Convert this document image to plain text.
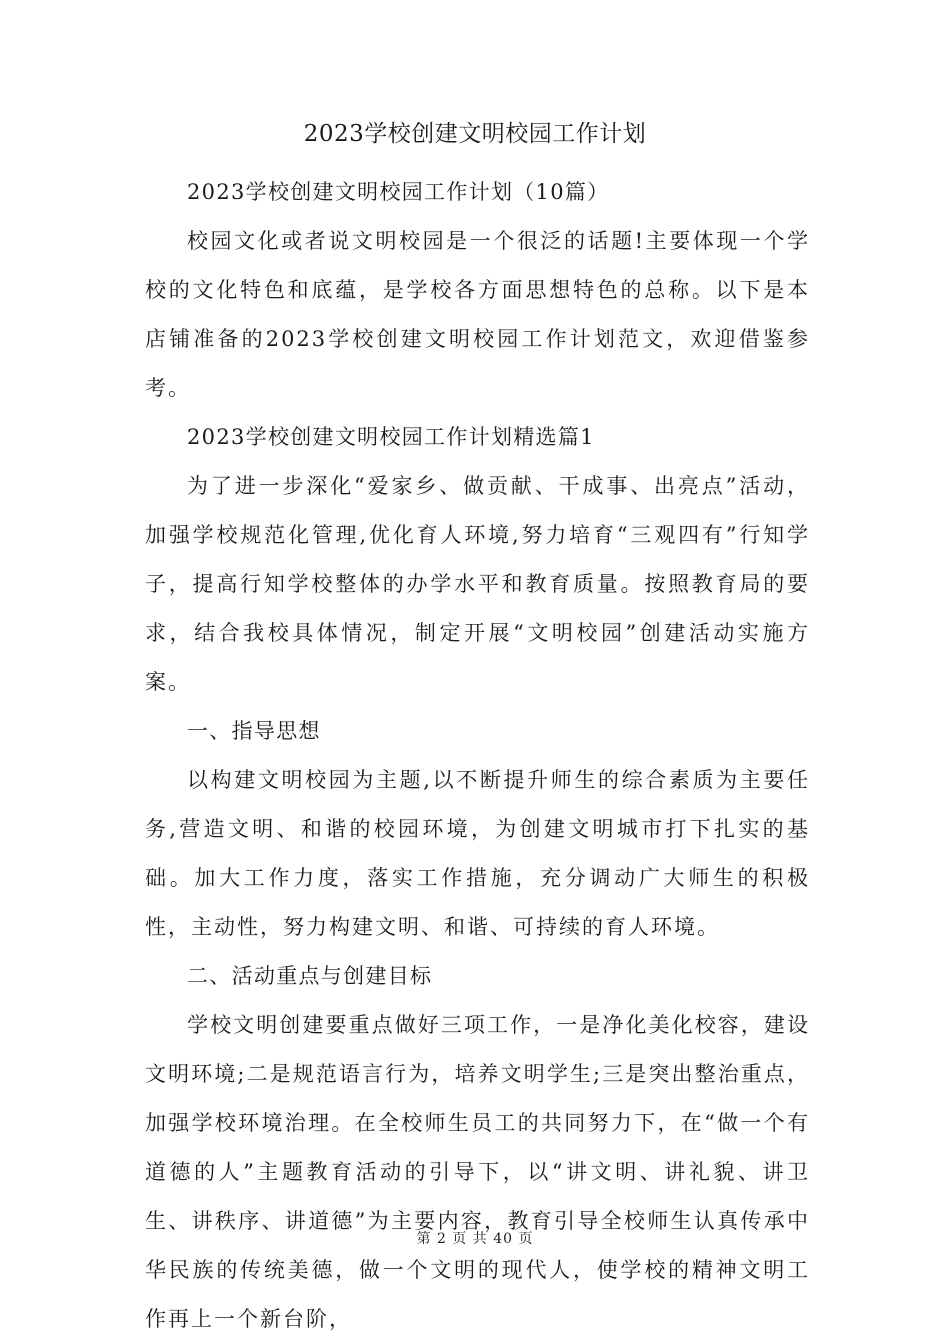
2023学校创建文明校园工作计划

2023学校创建文明校园工作计划（10篇）

校园文化或者说文明校园是一个很泛的话题!主要体现一个学校的文化特色和底蕴，是学校各方面思想特色的总称。以下是本店铺准备的2023学校创建文明校园工作计划范文，欢迎借鉴参考。

2023学校创建文明校园工作计划精选篇1

为了进一步深化“爱家乡、做贡献、干成事、出亮点”活动，加强学校规范化管理,优化育人环境,努力培育“三观四有”行知学子，提高行知学校整体的办学水平和教育质量。按照教育局的要求，结合我校具体情况，制定开展“文明校园”创建活动实施方案。

一、指导思想

以构建文明校园为主题,以不断提升师生的综合素质为主要任务,营造文明、和谐的校园环境，为创建文明城市打下扎实的基础。加大工作力度，落实工作措施，充分调动广大师生的积极性，主动性，努力构建文明、和谐、可持续的育人环境。

二、活动重点与创建目标

学校文明创建要重点做好三项工作，一是净化美化校容，建设文明环境;二是规范语言行为，培养文明学生;三是突出整治重点，加强学校环境治理。在全校师生员工的共同努力下，在“做一个有道德的人”主题教育活动的引导下，以“讲文明、讲礼貌、讲卫生、讲秩序、讲道德”为主要内容，教育引导全校师生认真传承中华民族的传统美德，做一个文明的现代人，使学校的精神文明工作再上一个新台阶，

第 2 页 共 40 页
